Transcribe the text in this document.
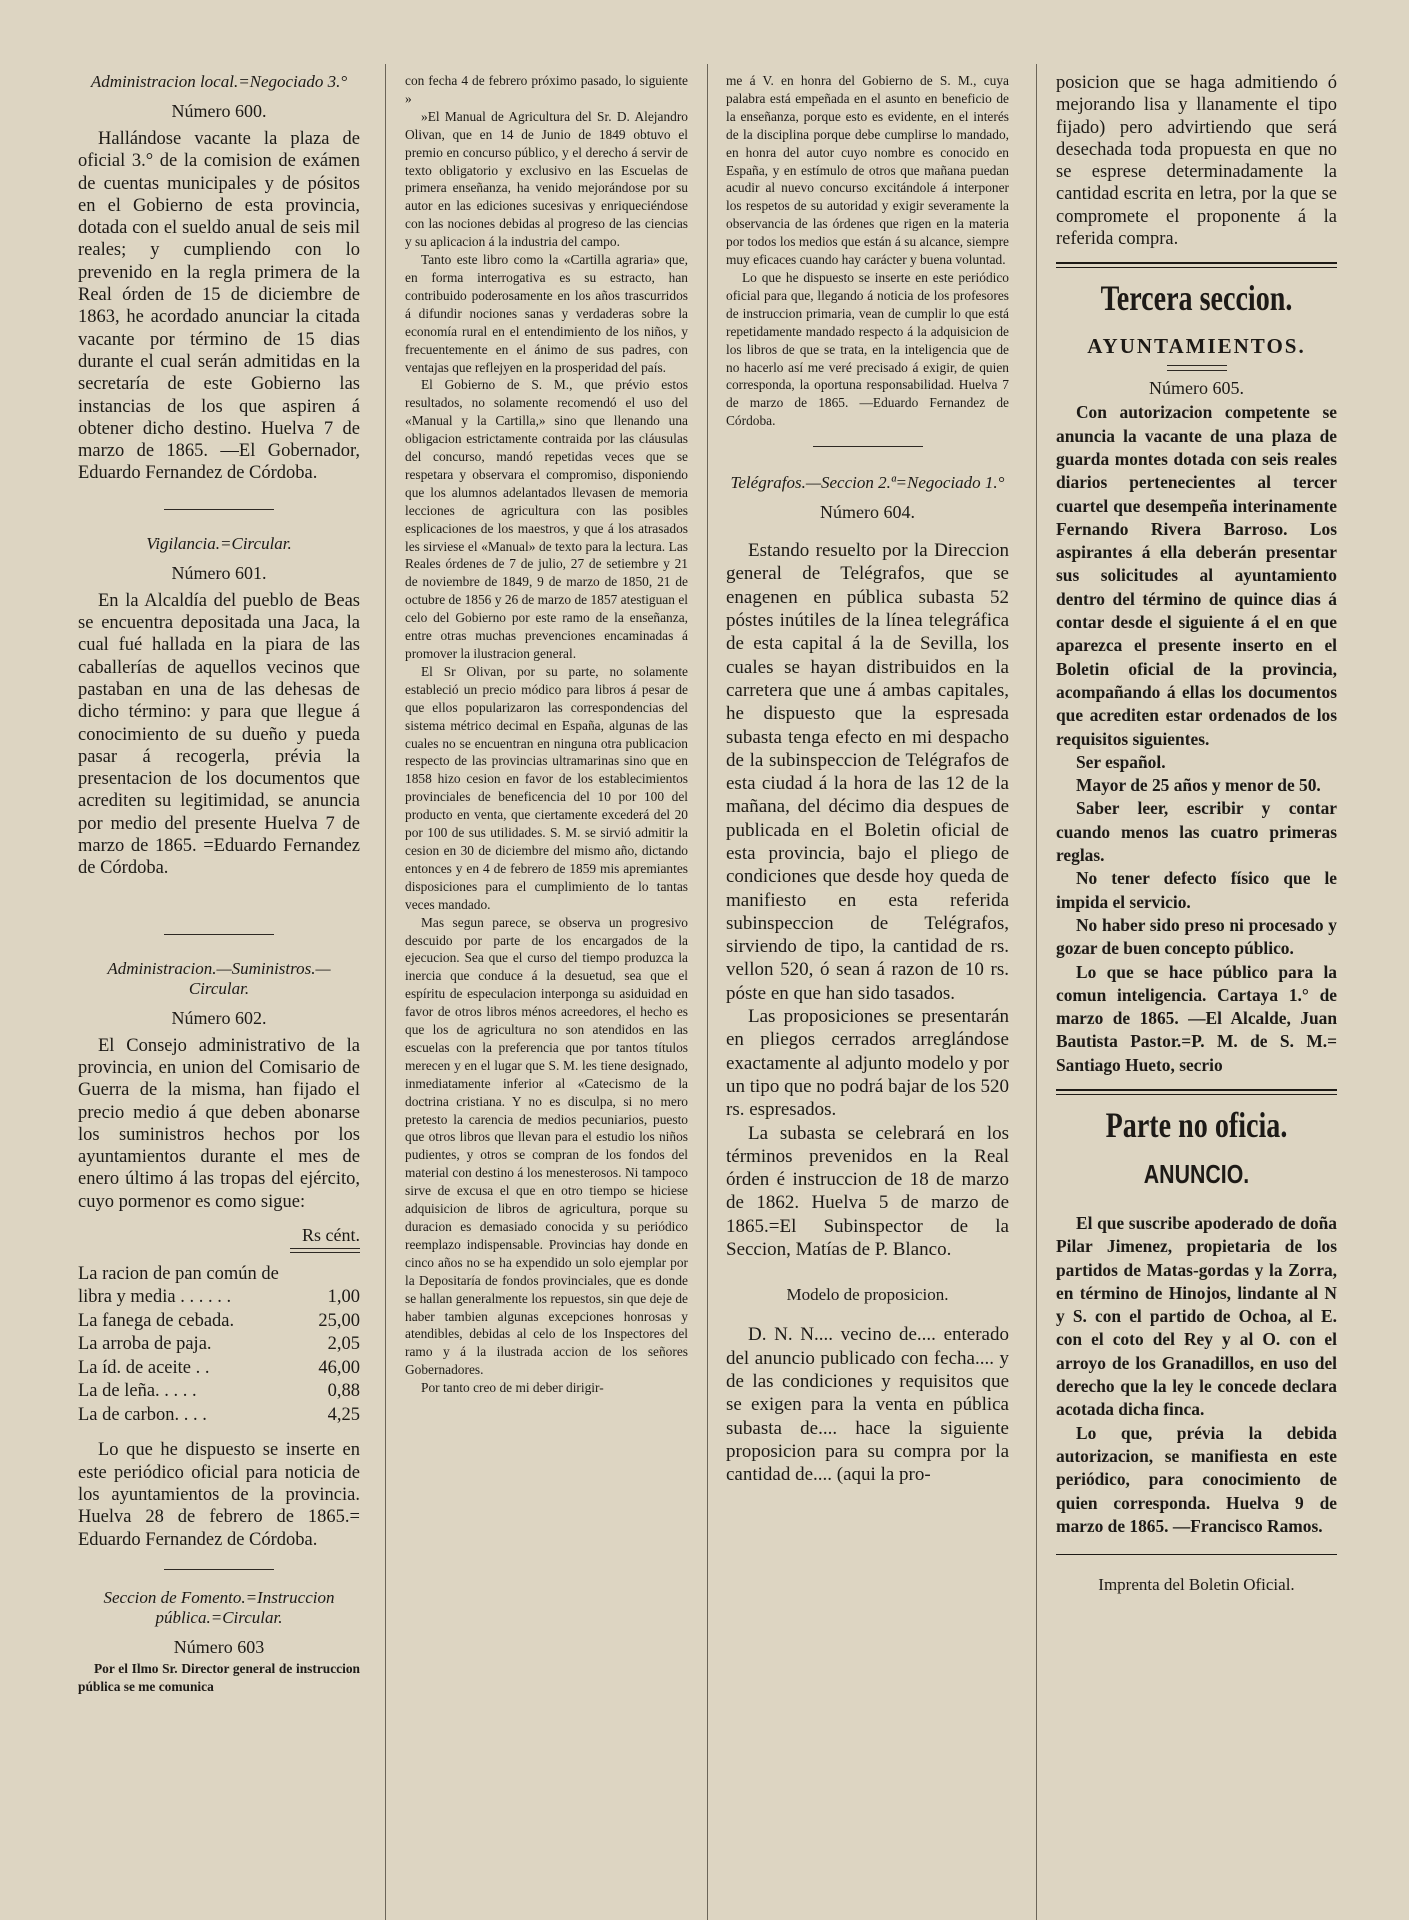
Administracion local.=Negociado 3.°
Número 600.

Hallándose vacante la plaza de oficial 3.° de la comision de exámen de cuentas municipales y de pósitos en el Gobierno de esta provincia, dotada con el sueldo anual de seis mil reales; y cumpliendo con lo prevenido en la regla primera de la Real órden de 15 de diciembre de 1863, he acordado anunciar la citada vacante por término de 15 dias durante el cual serán admitidas en la secretaría de este Gobierno las instancias de los que aspiren á obtener dicho destino. Huelva 7 de marzo de 1865. —El Gobernador, Eduardo Fernandez de Córdoba.

Vigilancia.=Circular.
Número 601.

En la Alcaldía del pueblo de Beas se encuentra depositada una Jaca, la cual fué hallada en la piara de las caballerías de aquellos vecinos que pastaban en una de las dehesas de dicho término: y para que llegue á conocimiento de su dueño y pueda pasar á recogerla, prévia la presentacion de los documentos que acrediten su legitimidad, se anuncia por medio del presente Huelva 7 de marzo de 1865. =Eduardo Fernandez de Córdoba.

Administracion.—Suministros.—Circular.
Número 602.

El Consejo administrativo de la provincia, en union del Comisario de Guerra de la misma, han fijado el precio medio á que deben abonarse los suministros hechos por los ayuntamientos durante el mes de enero último á las tropas del ejército, cuyo pormenor es como sigue:

Rs cént.
La racion de pan común de libra y media . . . . . .	1,00
La fanega de cebada.	25,00
La arroba de paja.	2,05
La íd. de aceite . .	46,00
La de leña. . . . .	0,88
La de carbon. . . .	4,25

Lo que he dispuesto se inserte en este periódico oficial para noticia de los ayuntamientos de la provincia. Huelva 28 de febrero de 1865.= Eduardo Fernandez de Córdoba.

Seccion de Fomento.=Instruccion pública.=Circular.
Número 603

Por el Ilmo Sr. Director general de instruccion pública se me comunica

con fecha 4 de febrero próximo pasado, lo siguiente »

»El Manual de Agricultura del Sr. D. Alejandro Olivan, que en 14 de Junio de 1849 obtuvo el premio en concurso público, y el derecho á servir de texto obligatorio y exclusivo en las Escuelas de primera enseñanza, ha venido mejorándose por su autor en las ediciones sucesivas y enriqueciéndose con las nociones debidas al progreso de las ciencias y su aplicacion á la industria del campo.

Tanto este libro como la «Cartilla agraria» que, en forma interrogativa es su estracto, han contribuido poderosamente en los años trascurridos á difundir nociones sanas y verdaderas sobre la economía rural en el entendimiento de los niños, y frecuentemente en el ánimo de sus padres, con ventajas que reflejyen en la prosperidad del país.

El Gobierno de S. M., que prévio estos resultados, no solamente recomendó el uso del «Manual y la Cartilla,» sino que llenando una obligacion estrictamente contraida por las cláusulas del concurso, mandó repetidas veces que se respetara y observara el compromiso, disponiendo que los alumnos adelantados llevasen de memoria lecciones de agricultura con las posibles esplicaciones de los maestros, y que á los atrasados les sirviese el «Manual» de texto para la lectura. Las Reales órdenes de 7 de julio, 27 de setiembre y 21 de noviembre de 1849, 9 de marzo de 1850, 21 de octubre de 1856 y 26 de marzo de 1857 atestiguan el celo del Gobierno por este ramo de la enseñanza, entre otras muchas prevenciones encaminadas á promover la ilustracion general.

El Sr Olivan, por su parte, no solamente estableció un precio módico para libros á pesar de que ellos popularizaron las correspondencias del sistema métrico decimal en España, algunas de las cuales no se encuentran en ninguna otra publicacion respecto de las provincias ultramarinas sino que en 1858 hizo cesion en favor de los establecimientos provinciales de beneficencia del 10 por 100 del producto en venta, que ciertamente excederá del 20 por 100 de sus utilidades. S. M. se sirvió admitir la cesion en 30 de diciembre del mismo año, dictando entonces y en 4 de febrero de 1859 mis apremiantes disposiciones para el cumplimiento de lo tantas veces mandado.

Mas segun parece, se observa un progresivo descuido por parte de los encargados de la ejecucion. Sea que el curso del tiempo produzca la inercia que conduce á la desuetud, sea que el espíritu de especulacion interponga su asiduidad en favor de otros libros ménos acreedores, el hecho es que los de agricultura no son atendidos en las escuelas con la preferencia que por tantos títulos merecen y en el lugar que S. M. les tiene designado, inmediatamente inferior al «Catecismo de la doctrina cristiana. Y no es disculpa, si no mero pretesto la carencia de medios pecuniarios, puesto que otros libros que llevan para el estudio los niños pudientes, y otros se compran de los fondos del material con destino á los menesterosos. Ni tampoco sirve de excusa el que en otro tiempo se hiciese adquisicion de libros de agricultura, porque su duracion es demasiado conocida y su periódico reemplazo indispensable. Provincias hay donde en cinco años no se ha expendido un solo ejemplar por la Depositaría de fondos provinciales, que es donde se hallan generalmente los repuestos, sin que deje de haber tambien algunas excepciones honrosas y atendibles, debidas al celo de los Inspectores del ramo y á la ilustrada accion de los señores Gobernadores.

Por tanto creo de mi deber dirigir-

me á V. en honra del Gobierno de S. M., cuya palabra está empeñada en el asunto en beneficio de la enseñanza, porque esto es evidente, en el interés de la disciplina porque debe cumplirse lo mandado, en honra del autor cuyo nombre es conocido en España, y en estímulo de otros que mañana puedan acudir al nuevo concurso excitándole á interponer los respetos de su autoridad y exigir severamente la observancia de las órdenes que rigen en la materia por todos los medios que están á su alcance, siempre muy eficaces cuando hay carácter y buena voluntad.

Lo que he dispuesto se inserte en este periódico oficial para que, llegando á noticia de los profesores de instruccion primaria, vean de cumplir lo que está repetidamente mandado respecto á la adquisicion de los libros de que se trata, en la inteligencia que de no hacerlo así me veré precisado á exigir, de quien corresponda, la oportuna responsabilidad. Huelva 7 de marzo de 1865. —Eduardo Fernandez de Córdoba.

Telégrafos.—Seccion 2.ª=Negociado 1.°
Número 604.

Estando resuelto por la Direccion general de Telégrafos, que se enagenen en pública subasta 52 póstes inútiles de la línea telegráfica de esta capital á la de Sevilla, los cuales se hayan distribuidos en la carretera que une á ambas capitales, he dispuesto que la espresada subasta tenga efecto en mi despacho de la subinspeccion de Telégrafos de esta ciudad á la hora de las 12 de la mañana, del décimo dia despues de publicada en el Boletin oficial de esta provincia, bajo el pliego de condiciones que desde hoy queda de manifiesto en esta referida subinspeccion de Telégrafos, sirviendo de tipo, la cantidad de rs. vellon 520, ó sean á razon de 10 rs. póste en que han sido tasados.

Las proposiciones se presentarán en pliegos cerrados arreglándose exactamente al adjunto modelo y por un tipo que no podrá bajar de los 520 rs. espresados.

La subasta se celebrará en los términos prevenidos en la Real órden é instruccion de 18 de marzo de 1862. Huelva 5 de marzo de 1865.=El Subinspector de la Seccion, Matías de P. Blanco.

Modelo de proposicion.

D. N. N.... vecino de.... enterado del anuncio publicado con fecha.... y de las condiciones y requisitos que se exigen para la venta en pública subasta de.... hace la siguiente proposicion para su compra por la cantidad de.... (aqui la pro-

posicion que se haga admitiendo ó mejorando lisa y llanamente el tipo fijado) pero advirtiendo que será desechada toda propuesta en que no se esprese determinadamente la cantidad escrita en letra, por la que se compromete el proponente á la referida compra.

Tercera seccion.
AYUNTAMIENTOS.
Número 605.

Con autorizacion competente se anuncia la vacante de una plaza de guarda montes dotada con seis reales diarios pertenecientes al tercer cuartel que desempeña interinamente Fernando Rivera Barroso. Los aspirantes á ella deberán presentar sus solicitudes al ayuntamiento dentro del término de quince dias á contar desde el siguiente á el en que aparezca el presente inserto en el Boletin oficial de la provincia, acompañando á ellas los documentos que acrediten estar ordenados de los requisitos siguientes.

Ser español.

Mayor de 25 años y menor de 50.

Saber leer, escribir y contar cuando menos las cuatro primeras reglas.

No tener defecto físico que le impida el servicio.

No haber sido preso ni procesado y gozar de buen concepto público.

Lo que se hace público para la comun inteligencia. Cartaya 1.° de marzo de 1865. —El Alcalde, Juan Bautista Pastor.=P. M. de S. M.= Santiago Hueto, secrio

Parte no oficia.
ANUNCIO.

El que suscribe apoderado de doña Pilar Jimenez, propietaria de los partidos de Matas-gordas y la Zorra, en término de Hinojos, lindante al N y S. con el partido de Ochoa, al E. con el coto del Rey y al O. con el arroyo de los Granadillos, en uso del derecho que la ley le concede declara acotada dicha finca.

Lo que, prévia la debida autorizacion, se manifiesta en este periódico, para conocimiento de quien corresponda. Huelva 9 de marzo de 1865. —Francisco Ramos.

Imprenta del Boletin Oficial.
